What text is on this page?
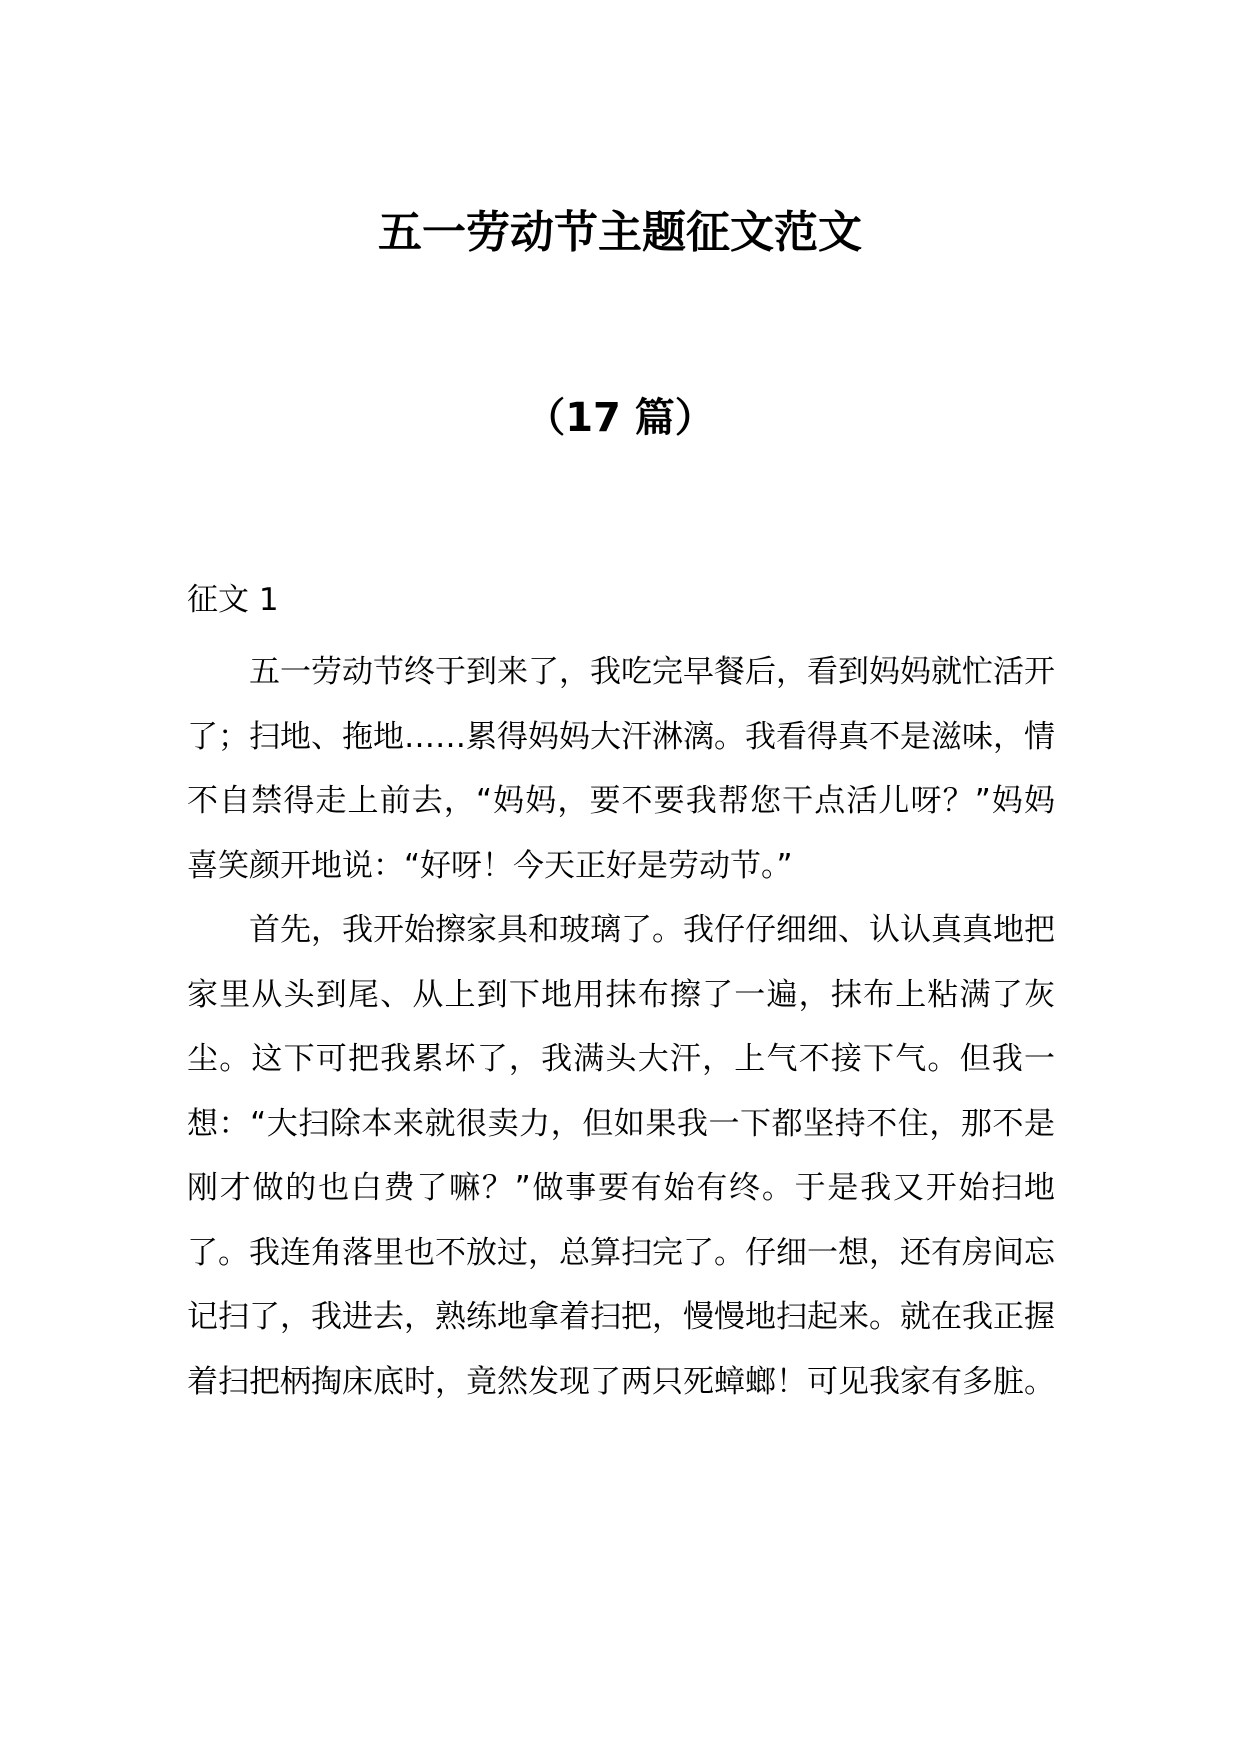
五一劳动节主题征文范文
（17 篇）
征文 1

五一劳动节终于到来了，我吃完早餐后，看到妈妈就忙活开了；扫地、拖地……累得妈妈大汗淋漓。我看得真不是滋味，情不自禁得走上前去，“妈妈，要不要我帮您干点活儿呀？”妈妈喜笑颜开地说：“好呀！今天正好是劳动节。”

首先，我开始擦家具和玻璃了。我仔仔细细、认认真真地把家里从头到尾、从上到下地用抹布擦了一遍，抹布上粘满了灰尘。这下可把我累坏了，我满头大汗，上气不接下气。但我一想：“大扫除本来就很卖力，但如果我一下都坚持不住，那不是刚才做的也白费了嘛？”做事要有始有终。于是我又开始扫地了。我连角落里也不放过，总算扫完了。仔细一想，还有房间忘记扫了，我进去，熟练地拿着扫把，慢慢地扫起来。就在我正握着扫把柄掏床底时，竟然发现了两只死蟑螂！可见我家有多脏。
